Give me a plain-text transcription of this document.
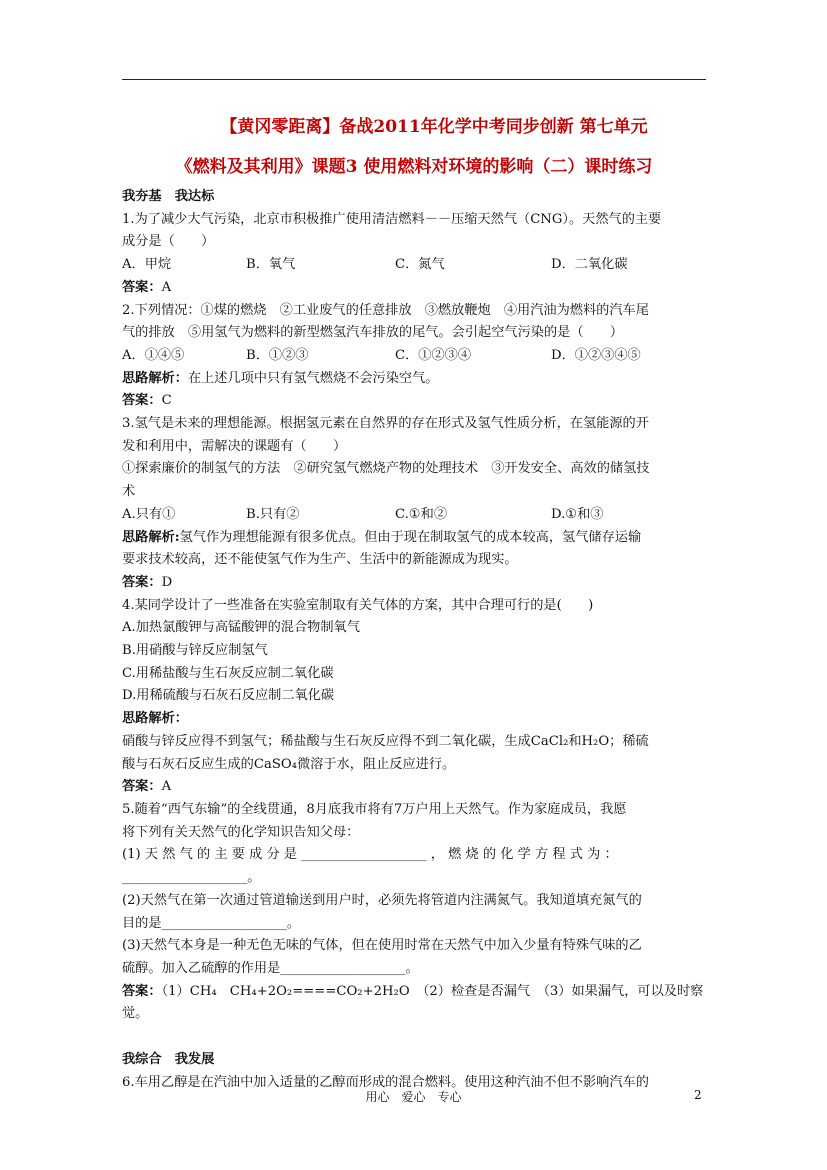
【黄冈零距离】备战2011年化学中考同步创新 第七单元
《燃料及其利用》课题3 使用燃料对环境的影响（二）课时练习

我夯基　我达标

1.为了减少大气污染，北京市积极推广使用清洁燃料－－压缩天然气（CNG）。天然气的主要

成分是（　　）

A．甲烷	B．氧气	C．氮气	D．二氧化碳

答案：A

2.下列情况：①煤的燃烧　②工业废气的任意排放　③燃放鞭炮　④用汽油为燃料的汽车尾

气的排放　⑤用氢气为燃料的新型燃氢汽车排放的尾气。会引起空气污染的是（　　）

A．①④⑤	B．①②③	C．①②③④	D．①②③④⑤

思路解析：在上述几项中只有氢气燃烧不会污染空气。

答案：C

3.氢气是未来的理想能源。根据氢元素在自然界的存在形式及氢气性质分析，在氢能源的开

发和利用中，需解决的课题有（　　）

①探索廉价的制氢气的方法　②研究氢气燃烧产物的处理技术　③开发安全、高效的储氢技

术

A.只有①	B.只有②	C.①和②	D.①和③

思路解析:氢气作为理想能源有很多优点。但由于现在制取氢气的成本较高，氢气储存运输

要求技术较高，还不能使氢气作为生产、生活中的新能源成为现实。

答案：D

4.某同学设计了一些准备在实验室制取有关气体的方案，其中合理可行的是(　　)

A.加热氯酸钾与高锰酸钾的混合物制氧气

B.用硝酸与锌反应制氢气

C.用稀盐酸与生石灰反应制二氧化碳

D.用稀硫酸与石灰石反应制二氧化碳

思路解析：

硝酸与锌反应得不到氢气；稀盐酸与生石灰反应得不到二氧化碳，生成CaCl₂和H₂O；稀硫

酸与石灰石反应生成的CaSO₄微溶于水，阻止反应进行。

答案：A

5.随着“西气东输”的全线贯通，8月底我市将有7万户用上天然气。作为家庭成员，我愿

将下列有关天然气的化学知识告知父母：

(1) 天 然 气 的 主 要 成 分 是 ___________________ ， 燃 烧 的 化 学 方 程 式 为 ：

___________________。

(2)天然气在第一次通过管道输送到用户时，必须先将管道内注满氮气。我知道填充氮气的

目的是___________________。

(3)天然气本身是一种无色无味的气体，但在使用时常在天然气中加入少量有特殊气味的乙

硫醇。加入乙硫醇的作用是___________________。

答案：（1）CH₄　CH₄+2O₂====CO₂+2H₂O　（2）检查是否漏气　（3）如果漏气，可以及时察

觉。

我综合　我发展

6.车用乙醇是在汽油中加入适量的乙醇而形成的混合燃料。使用这种汽油不但不影响汽车的

用心　爱心　专心	2
